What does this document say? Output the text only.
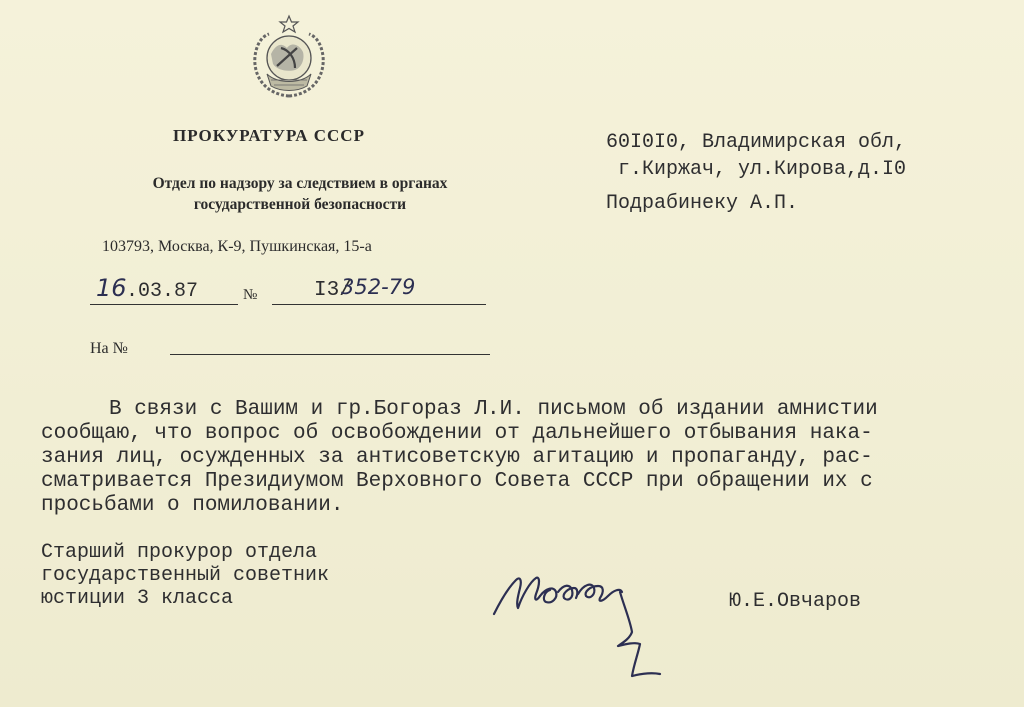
ПРОКУРАТУРА СССР
Отдел по надзору за следствием в органах государственной безопасности
103793, Москва, К-9, Пушкинская, 15-а
16 .03.87	№	I3/
352-79
На №
60I0I0, Владимирская обл,
г.Киржач, ул.Кирова,д.I0
Подрабинеку А.П.
В связи с Вашим и гр.Богораз Л.И. письмом об издании амнистии
сообщаю, что вопрос об освобождении от дальнейшего отбывания нака-
зания лиц, осужденных за антисоветскую агитацию и пропаганду, рас-
сматривается Президиумом Верховного Совета СССР при обращении их с
просьбами о помиловании.
Старший прокурор отдела
государственный советник
юстиции 3 класса	Ю.Е.Овчаров
